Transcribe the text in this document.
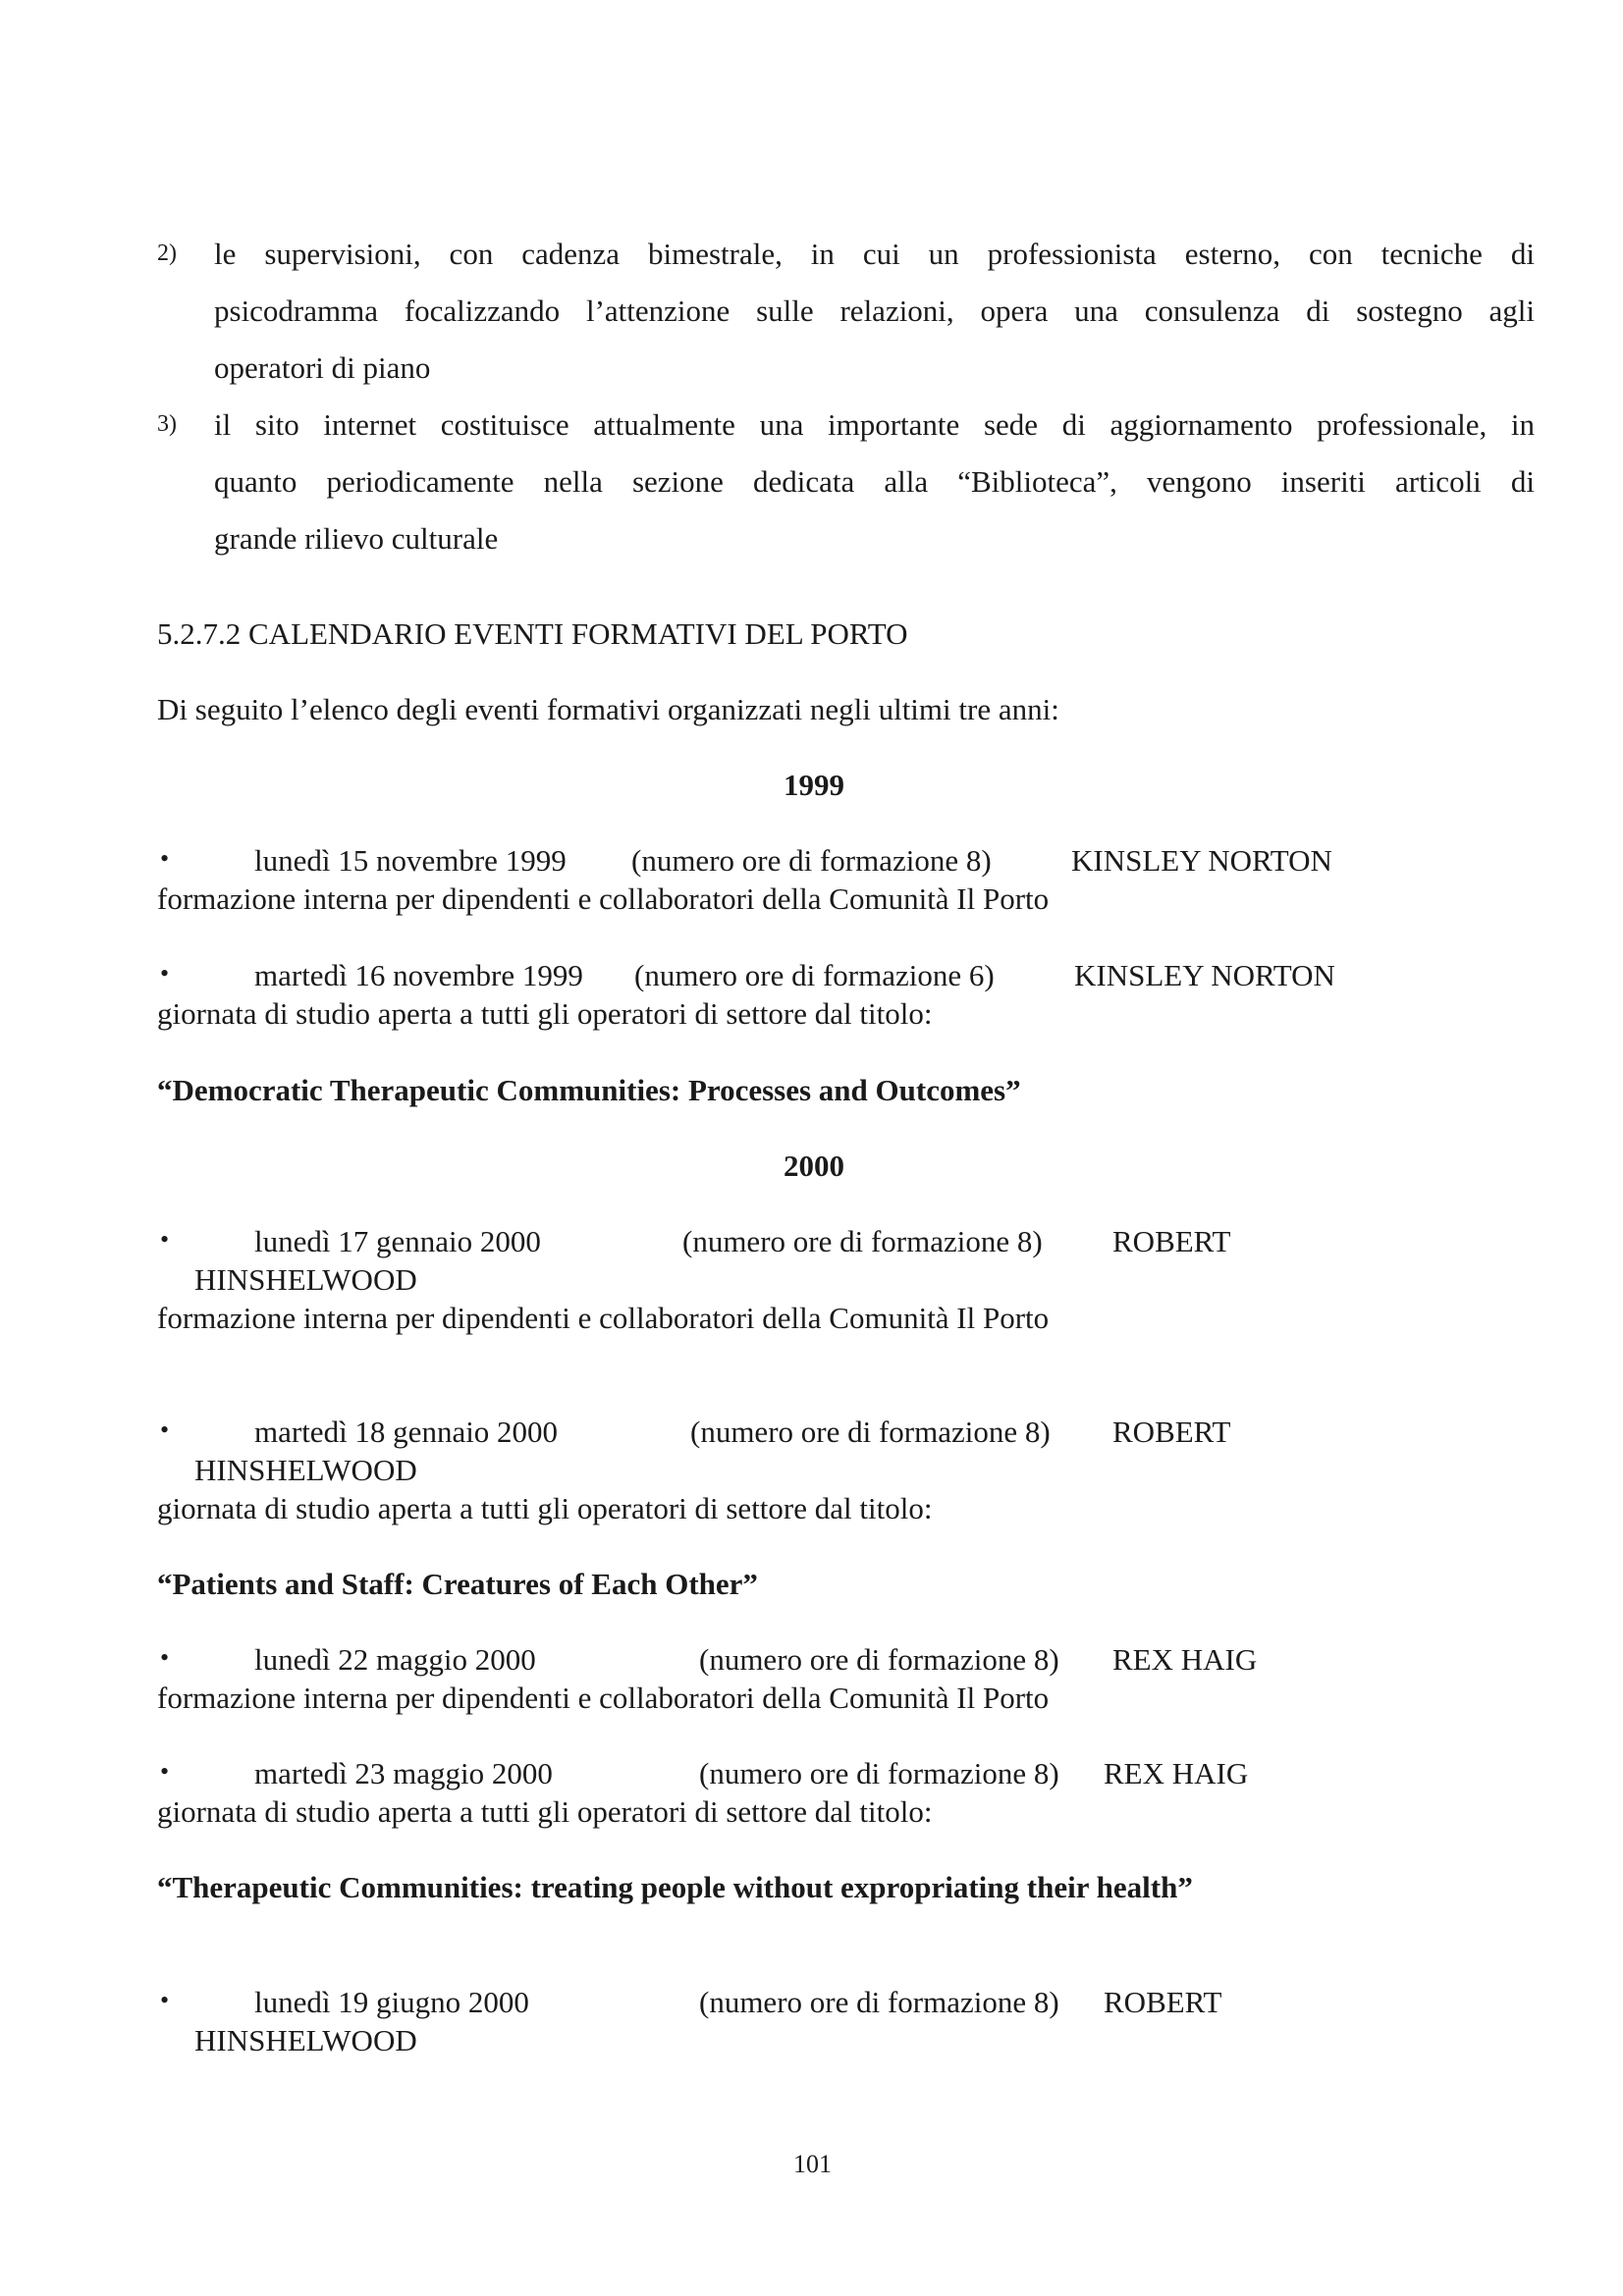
2) le supervisioni, con cadenza bimestrale, in cui un professionista esterno, con tecniche di
psicodramma focalizzando l’attenzione sulle relazioni, opera una consulenza di sostegno agli
operatori di piano
3) il sito internet costituisce attualmente una importante sede di aggiornamento professionale, in
quanto periodicamente nella sezione dedicata alla “Biblioteca”, vengono inseriti articoli di
grande rilievo culturale
5.2.7.2 CALENDARIO EVENTI FORMATIVI DEL PORTO
Di seguito l’elenco degli eventi formativi organizzati negli ultimi tre anni:
1999
•	lunedì 15 novembre 1999 (numero ore di formazione 8)	KINSLEY NORTON
formazione interna per dipendenti e collaboratori della Comunità Il Porto
•	martedì 16 novembre 1999 (numero ore di formazione 6)	KINSLEY NORTON
giornata di studio aperta a tutti gli operatori di settore dal titolo:
“Democratic Therapeutic Communities: Processes and Outcomes”
2000
•	lunedì 17 gennaio 2000	(numero ore di formazione 8) ROBERT
HINSHELWOOD
formazione interna per dipendenti e collaboratori della Comunità Il Porto
•	martedì 18 gennaio 2000	(numero ore di formazione 8) ROBERT
HINSHELWOOD
giornata di studio aperta a tutti gli operatori di settore dal titolo:
“Patients and Staff: Creatures of Each Other”
•	lunedì 22 maggio 2000	(numero ore di formazione 8) REX HAIG
formazione interna per dipendenti e collaboratori della Comunità Il Porto
•	martedì 23 maggio 2000	(numero ore di formazione 8) REX HAIG
giornata di studio aperta a tutti gli operatori di settore dal titolo:
“Therapeutic Communities: treating people without expropriating their health”
•	lunedì 19 giugno 2000	(numero ore di formazione 8) ROBERT
HINSHELWOOD
101
